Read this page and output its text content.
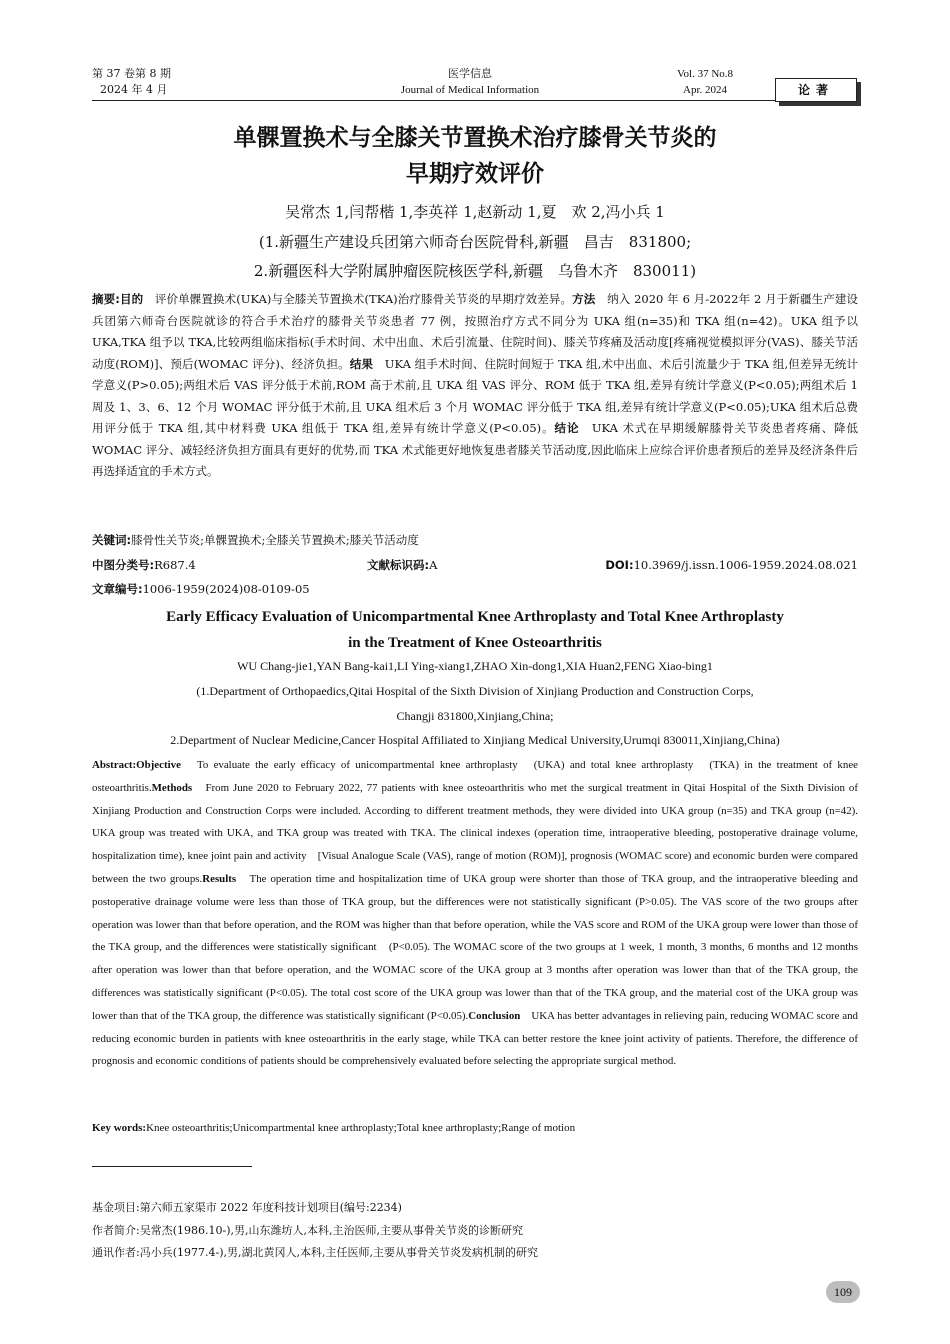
第 37 卷第 8 期
2024 年 4 月
医学信息
Journal of Medical Information
Vol. 37 No.8
Apr. 2024	论著
单髁置换术与全膝关节置换术治疗膝骨关节炎的
早期疗效评价
吴常杰 1,闫帮楷 1,李英祥 1,赵新动 1,夏　欢 2,冯小兵 1
(1.新疆生产建设兵团第六师奇台医院骨科,新疆　昌吉　831800;
2.新疆医科大学附属肿瘤医院核医学科,新疆　乌鲁木齐　830011)
摘要:目的　评价单髁置换术(UKA)与全膝关节置换术(TKA)治疗膝骨关节炎的早期疗效差异。方法　纳入 2020 年 6 月-2022年 2 月于新疆生产建设兵团第六师奇台医院就诊的符合手术治疗的膝骨关节炎患者 77 例，按照治疗方式不同分为 UKA 组(n=35)和 TKA 组(n=42)。UKA 组予以 UKA,TKA 组予以 TKA,比较两组临床指标(手术时间、术中出血、术后引流量、住院时间)、膝关节疼痛及活动度[疼痛视觉模拟评分(VAS)、膝关节活动度(ROM)]、预后(WOMAC 评分)、经济负担。结果　UKA 组手术时间、住院时间短于 TKA 组,术中出血、术后引流量少于 TKA 组,但差异无统计学意义(P>0.05);两组术后 VAS 评分低于术前,ROM 高于术前,且 UKA 组 VAS 评分、ROM 低于 TKA 组,差异有统计学意义(P<0.05);两组术后 1 周及 1、3、6、12 个月 WOMAC 评分低于术前,且 UKA 组术后 3 个月 WOMAC 评分低于 TKA 组,差异有统计学意义(P<0.05);UKA 组术后总费用评分低于 TKA 组,其中材料费 UKA 组低于 TKA 组,差异有统计学意义(P<0.05)。结论　UKA 术式在早期缓解膝骨关节炎患者疼痛、降低 WOMAC 评分、减轻经济负担方面具有更好的优势,而 TKA 术式能更好地恢复患者膝关节活动度,因此临床上应综合评价患者预后的差异及经济条件后再选择适宜的手术方式。
关键词:膝骨性关节炎;单髁置换术;全膝关节置换术;膝关节活动度
中图分类号:R687.4	文献标识码:A	DOI:10.3969/j.issn.1006-1959.2024.08.021
文章编号:1006-1959(2024)08-0109-05
Early Efficacy Evaluation of Unicompartmental Knee Arthroplasty and Total Knee Arthroplasty
in the Treatment of Knee Osteoarthritis
WU Chang-jie1,YAN Bang-kai1,LI Ying-xiang1,ZHAO Xin-dong1,XIA Huan2,FENG Xiao-bing1
(1.Department of Orthopaedics,Qitai Hospital of the Sixth Division of Xinjiang Production and Construction Corps,
Changji 831800,Xinjiang,China;
2.Department of Nuclear Medicine,Cancer Hospital Affiliated to Xinjiang Medical University,Urumqi 830011,Xinjiang,China)
Abstract:Objective　To evaluate the early efficacy of unicompartmental knee arthroplasty　(UKA) and total knee arthroplasty　(TKA) in the treatment of knee osteoarthritis.Methods　From June 2020 to February 2022, 77 patients with knee osteoarthritis who met the surgical treatment in Qitai Hospital of the Sixth Division of Xinjiang Production and Construction Corps were included. According to different treatment methods, they were divided into UKA group (n=35) and TKA group (n=42). UKA group was treated with UKA, and TKA group was treated with TKA. The clinical indexes (operation time, intraoperative bleeding, postoperative drainage volume, hospitalization time), knee joint pain and activity　[Visual Analogue Scale (VAS), range of motion (ROM)], prognosis (WOMAC score) and economic burden were compared between the two groups.Results　The operation time and hospitalization time of UKA group were shorter than those of TKA group, and the intraoperative bleeding and postoperative drainage volume were less than those of TKA group, but the differences were not statistically significant (P>0.05). The VAS score of the two groups after operation was lower than that before operation, and the ROM was higher than that before operation, while the VAS score and ROM of the UKA group were lower than those of the TKA group, and the differences were statistically significant　(P<0.05). The WOMAC score of the two groups at 1 week, 1 month, 3 months, 6 months and 12 months after operation was lower than that before operation, and the WOMAC score of the UKA group at 3 months after operation was lower than that of the TKA group, the differences was statistically significant (P<0.05). The total cost score of the UKA group was lower than that of the TKA group, and the material cost of the UKA group was lower than that of the TKA group, the difference was statistically significant (P<0.05).Conclusion　UKA has better advantages in relieving pain, reducing WOMAC score and reducing economic burden in patients with knee osteoarthritis in the early stage, while TKA can better restore the knee joint activity of patients. Therefore, the difference of prognosis and economic conditions of patients should be comprehensively evaluated before selecting the appropriate surgical method.
Key words:Knee osteoarthritis;Unicompartmental knee arthroplasty;Total knee arthroplasty;Range of motion
基金项目:第六师五家渠市 2022 年度科技计划项目(编号:2234)
作者简介:吴常杰(1986.10-),男,山东潍坊人,本科,主治医师,主要从事骨关节炎的诊断研究
通讯作者:冯小兵(1977.4-),男,湖北黄冈人,本科,主任医师,主要从事骨关节炎发病机制的研究
109
